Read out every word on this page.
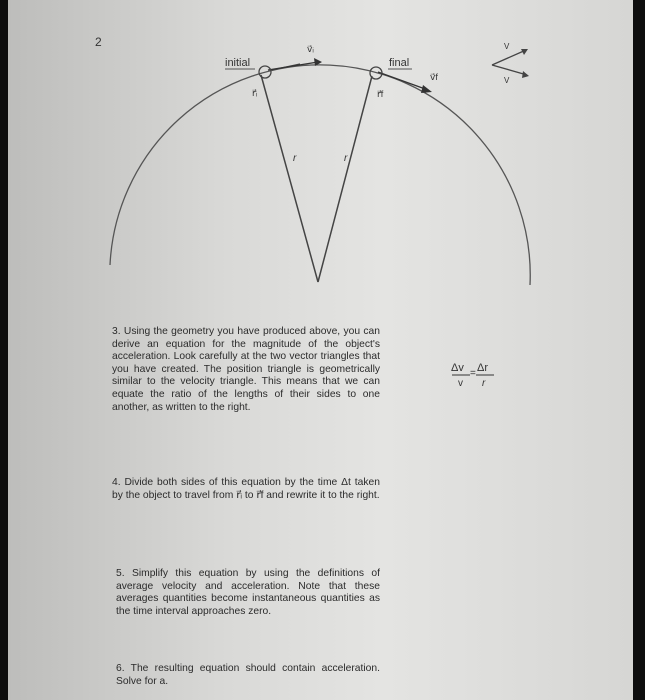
2
initial	final
v⃗ᵢ
v⃗f
r⃗ᵢ	r⃗f
r	r
V
V
3. Using the geometry you have produced above, you can derive an equation for the magnitude of the object's acceleration. Look carefully at the two vector triangles that you have created. The position triangle is geometrically similar to the velocity triangle. This means that we can equate the ratio of the lengths of their sides to one another, as written to the right.
4. Divide both sides of this equation by the time Δt taken by the object to travel from r⃗ᵢ to r⃗f and rewrite it to the right.
5. Simplify this equation by using the definitions of average velocity and acceleration. Note that these averages quantities become instantaneous quantities as the time interval approaches zero.
6. The resulting equation should contain acceleration. Solve for a.
Δv
v
= Δr
r
